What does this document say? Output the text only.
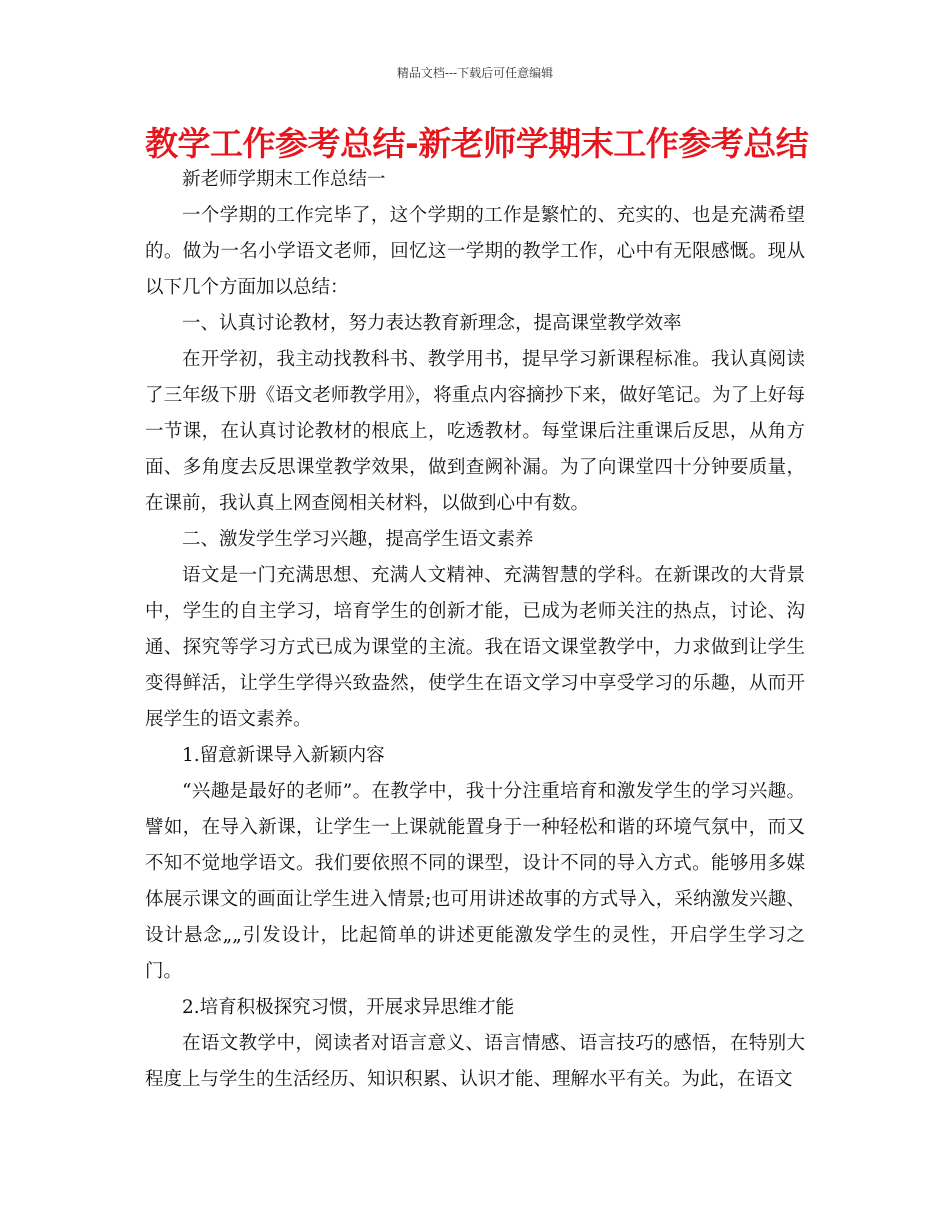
精品文档---下载后可任意编辑
教学工作参考总结-新老师学期末工作参考总结

新老师学期末工作总结一

一个学期的工作完毕了，这个学期的工作是繁忙的、充实的、也是充满希望的。做为一名小学语文老师，回忆这一学期的教学工作，心中有无限感慨。现从以下几个方面加以总结：

一、认真讨论教材，努力表达教育新理念，提高课堂教学效率

在开学初，我主动找教科书、教学用书，提早学习新课程标准。我认真阅读了三年级下册《语文老师教学用》，将重点内容摘抄下来，做好笔记。为了上好每一节课，在认真讨论教材的根底上，吃透教材。每堂课后注重课后反思，从角方面、多角度去反思课堂教学效果，做到查阙补漏。为了向课堂四十分钟要质量，在课前，我认真上网查阅相关材料，以做到心中有数。

二、激发学生学习兴趣，提高学生语文素养

语文是一门充满思想、充满人文精神、充满智慧的学科。在新课改的大背景中，学生的自主学习，培育学生的创新才能，已成为老师关注的热点，讨论、沟通、探究等学习方式已成为课堂的主流。我在语文课堂教学中，力求做到让学生变得鲜活，让学生学得兴致盎然，使学生在语文学习中享受学习的乐趣，从而开展学生的语文素养。

1.留意新课导入新颖内容

“兴趣是最好的老师”。在教学中，我十分注重培育和激发学生的学习兴趣。譬如，在导入新课，让学生一上课就能置身于一种轻松和谐的环境气氛中，而又不知不觉地学语文。我们要依照不同的课型，设计不同的导入方式。能够用多媒体展示课文的画面让学生进入情景;也可用讲述故事的方式导入，采纳激发兴趣、设计悬念„„引发设计，比起简单的讲述更能激发学生的灵性，开启学生学习之门。

2.培育积极探究习惯，开展求异思维才能

在语文教学中，阅读者对语言意义、语言情感、语言技巧的感悟，在特别大程度上与学生的生活经历、知识积累、认识才能、理解水平有关。为此，在语文
